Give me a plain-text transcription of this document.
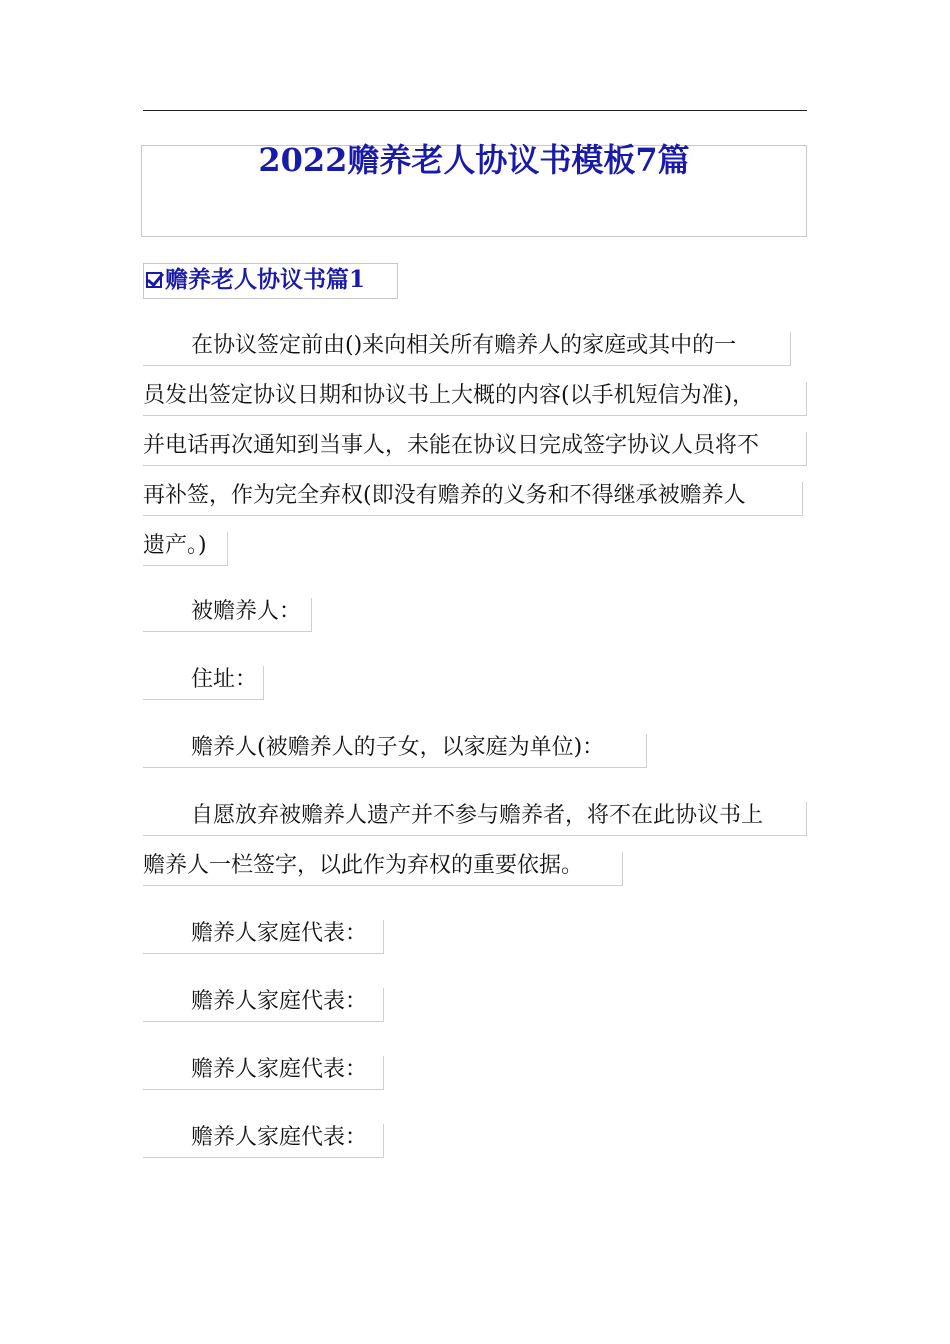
2022赡养老人协议书模板7篇
赡养老人协议书篇1
在协议签定前由()来向相关所有赡养人的家庭或其中的一
员发出签定协议日期和协议书上大概的内容(以手机短信为准)，
并电话再次通知到当事人，未能在协议日完成签字协议人员将不
再补签，作为完全弃权(即没有赡养的义务和不得继承被赡养人
遗产。)
被赡养人：
住址：
赡养人(被赡养人的子女，以家庭为单位)：
自愿放弃被赡养人遗产并不参与赡养者，将不在此协议书上
赡养人一栏签字，以此作为弃权的重要依据。
赡养人家庭代表：
赡养人家庭代表：
赡养人家庭代表：
赡养人家庭代表：
